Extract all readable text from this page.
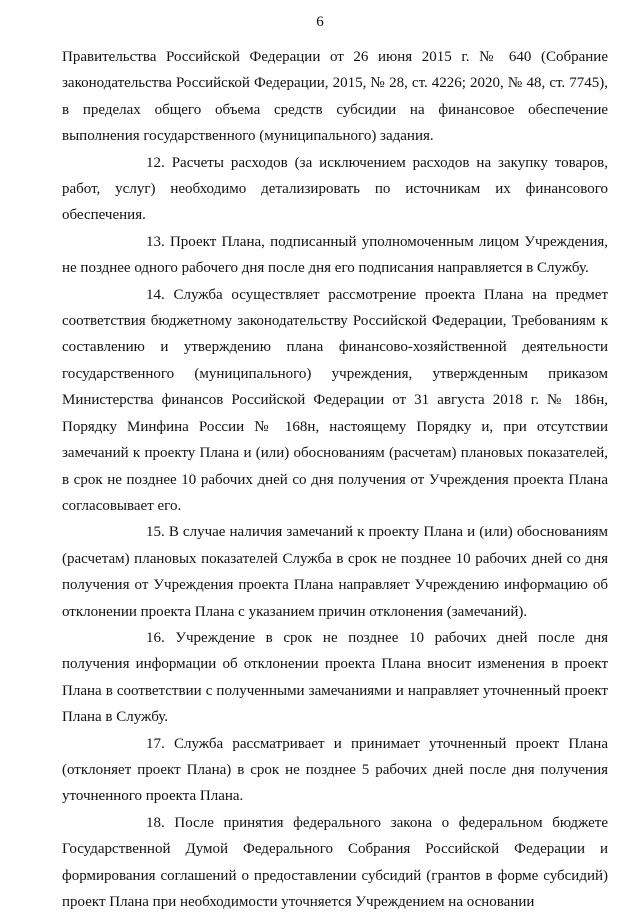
6

Правительства Российской Федерации от 26 июня 2015 г. № 640 (Собрание законодательства Российской Федерации, 2015, № 28, ст. 4226; 2020, № 48, ст. 7745), в пределах общего объема средств субсидии на финансовое обеспечение выполнения государственного (муниципального) задания.

12. Расчеты расходов (за исключением расходов на закупку товаров, работ, услуг) необходимо детализировать по источникам их финансового обеспечения.

13. Проект Плана, подписанный уполномоченным лицом Учреждения, не позднее одного рабочего дня после дня его подписания направляется в Службу.

14. Служба осуществляет рассмотрение проекта Плана на предмет соответствия бюджетному законодательству Российской Федерации, Требованиям к составлению и утверждению плана финансово-хозяйственной деятельности государственного (муниципального) учреждения, утвержденным приказом Министерства финансов Российской Федерации от 31 августа 2018 г. № 186н, Порядку Минфина России № 168н, настоящему Порядку и, при отсутствии замечаний к проекту Плана и (или) обоснованиям (расчетам) плановых показателей, в срок не позднее 10 рабочих дней со дня получения от Учреждения проекта Плана согласовывает его.

15. В случае наличия замечаний к проекту Плана и (или) обоснованиям (расчетам) плановых показателей Служба в срок не позднее 10 рабочих дней со дня получения от Учреждения проекта Плана направляет Учреждению информацию об отклонении проекта Плана с указанием причин отклонения (замечаний).

16. Учреждение в срок не позднее 10 рабочих дней после дня получения информации об отклонении проекта Плана вносит изменения в проект Плана в соответствии с полученными замечаниями и направляет уточненный проект Плана в Службу.

17. Служба рассматривает и принимает уточненный проект Плана (отклоняет проект Плана) в срок не позднее 5 рабочих дней после дня получения уточненного проекта Плана.

18. После принятия федерального закона о федеральном бюджете Государственной Думой Федерального Собрания Российской Федерации и формирования соглашений о предоставлении субсидий (грантов в форме субсидий) проект Плана при необходимости уточняется Учреждением на основании
